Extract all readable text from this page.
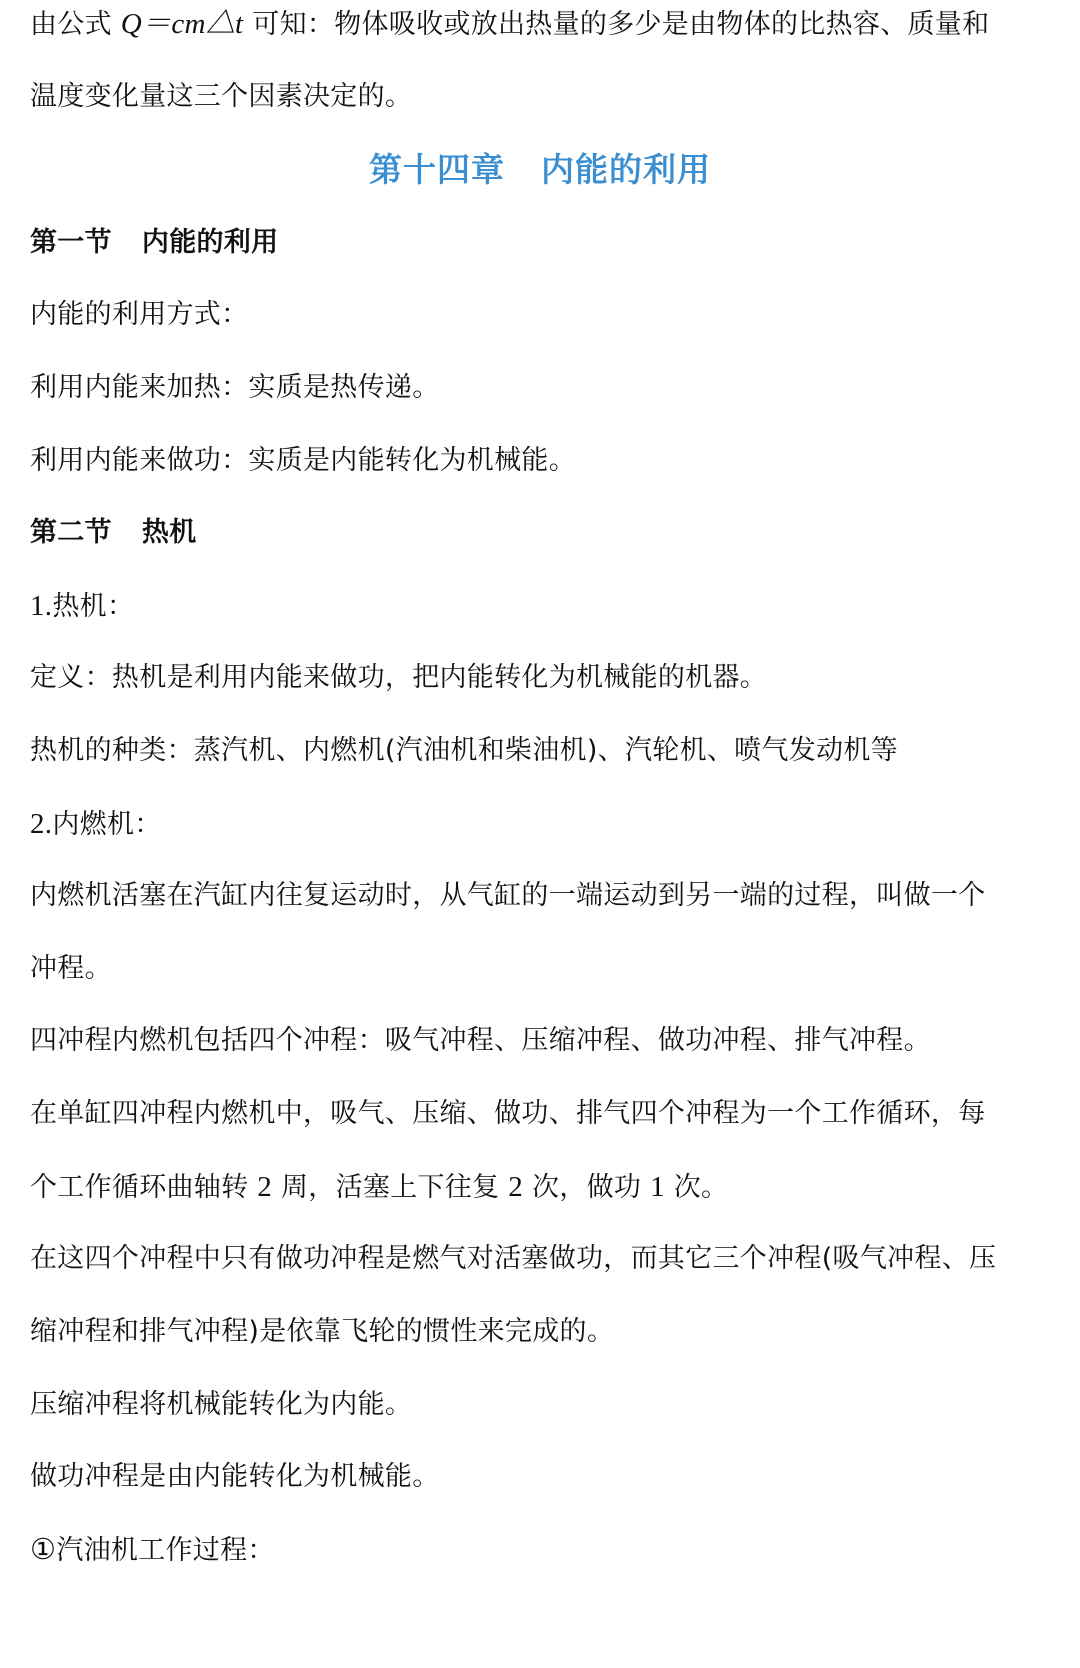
由公式 Q＝cm△t 可知：物体吸收或放出热量的多少是由物体的比热容、质量和
温度变化量这三个因素决定的。
第十四章 内能的利用
第一节 内能的利用
内能的利用方式：
利用内能来加热：实质是热传递。
利用内能来做功：实质是内能转化为机械能。
第二节 热机
1.热机：
定义：热机是利用内能来做功，把内能转化为机械能的机器。
热机的种类：蒸汽机、内燃机(汽油机和柴油机)、汽轮机、喷气发动机等
2.内燃机：
内燃机活塞在汽缸内往复运动时，从气缸的一端运动到另一端的过程，叫做一个
冲程。
四冲程内燃机包括四个冲程：吸气冲程、压缩冲程、做功冲程、排气冲程。
在单缸四冲程内燃机中，吸气、压缩、做功、排气四个冲程为一个工作循环，每
个工作循环曲轴转 2 周，活塞上下往复 2 次，做功 1 次。
在这四个冲程中只有做功冲程是燃气对活塞做功，而其它三个冲程(吸气冲程、压
缩冲程和排气冲程)是依靠飞轮的惯性来完成的。
压缩冲程将机械能转化为内能。
做功冲程是由内能转化为机械能。
①汽油机工作过程：
